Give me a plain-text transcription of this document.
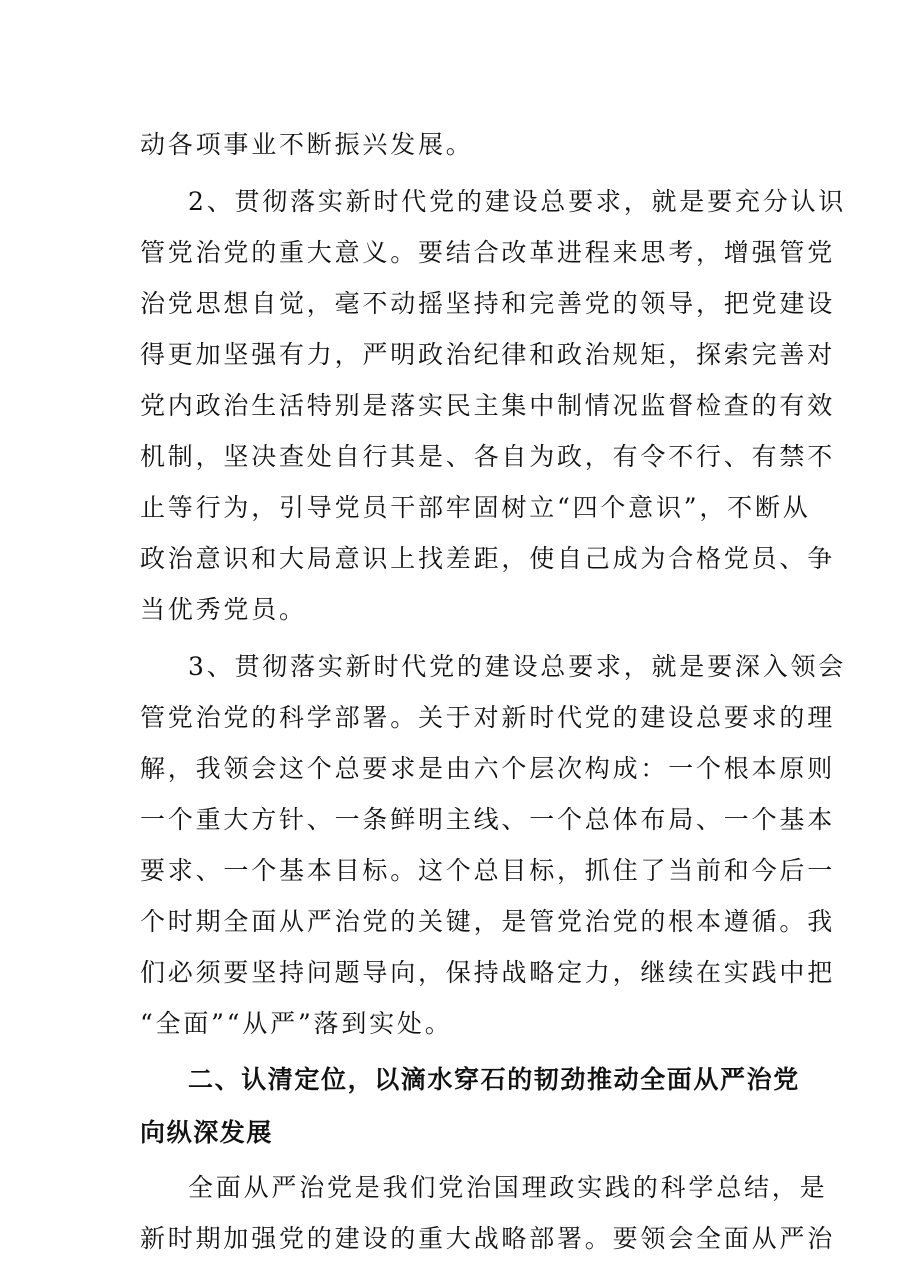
动各项事业不断振兴发展。
2、贯彻落实新时代党的建设总要求，就是要充分认识
管党治党的重大意义。要结合改革进程来思考，增强管党
治党思想自觉，毫不动摇坚持和完善党的领导，把党建设
得更加坚强有力，严明政治纪律和政治规矩，探索完善对
党内政治生活特别是落实民主集中制情况监督检查的有效
机制，坚决查处自行其是、各自为政，有令不行、有禁不
止等行为，引导党员干部牢固树立“四个意识”，不断从
政治意识和大局意识上找差距，使自己成为合格党员、争
当优秀党员。
3、贯彻落实新时代党的建设总要求，就是要深入领会
管党治党的科学部署。关于对新时代党的建设总要求的理
解，我领会这个总要求是由六个层次构成：一个根本原则
一个重大方针、一条鲜明主线、一个总体布局、一个基本
要求、一个基本目标。这个总目标，抓住了当前和今后一
个时期全面从严治党的关键，是管党治党的根本遵循。我
们必须要坚持问题导向，保持战略定力，继续在实践中把
“全面”“从严”落到实处。
二、认清定位，以滴水穿石的韧劲推动全面从严治党
向纵深发展
全面从严治党是我们党治国理政实践的科学总结，是
新时期加强党的建设的重大战略部署。要领会全面从严治
